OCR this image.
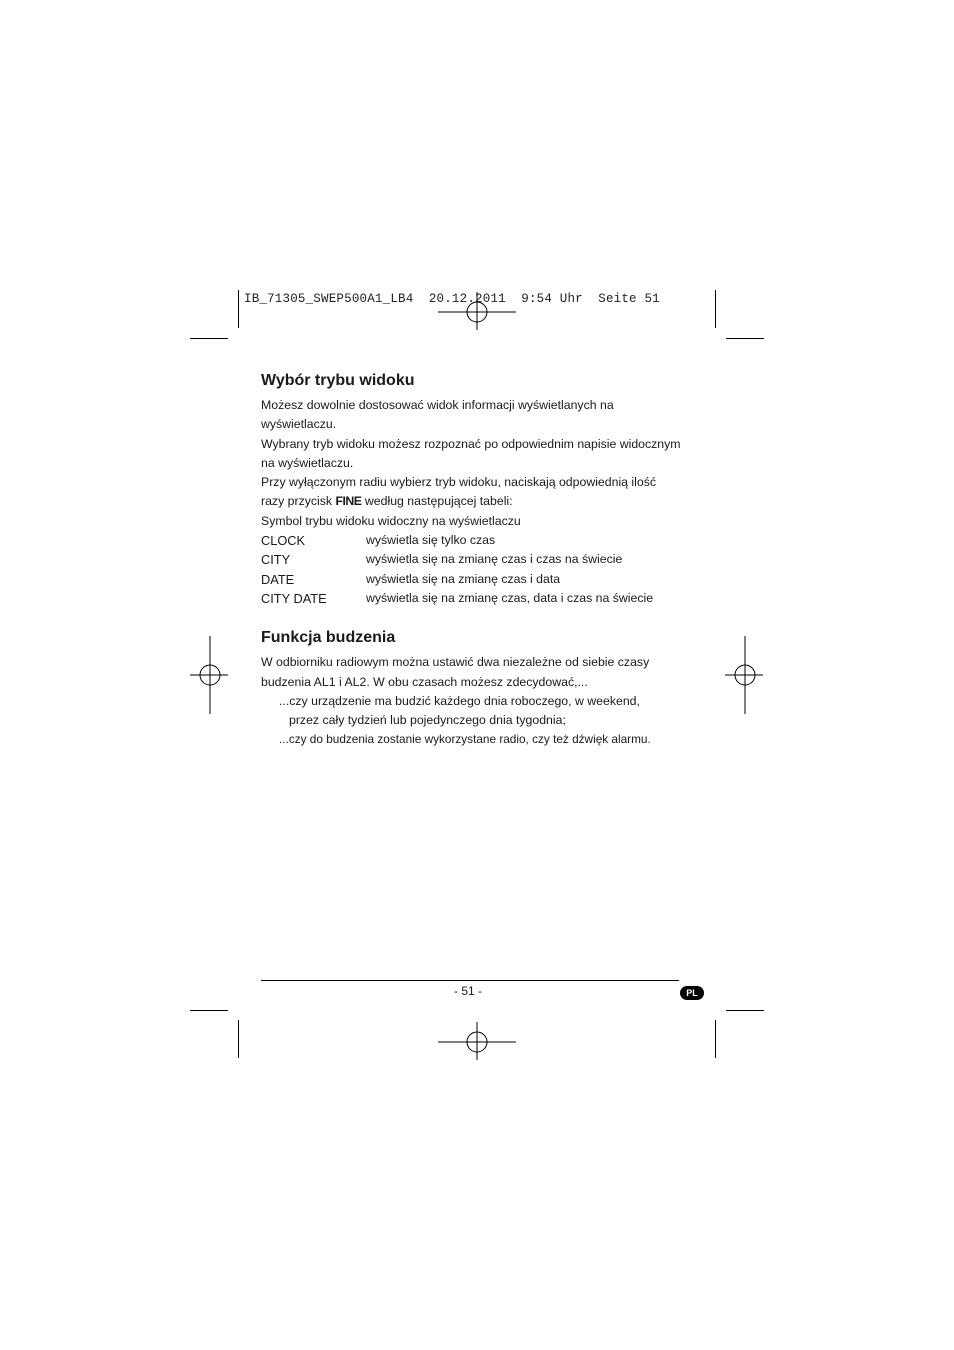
IB_71305_SWEP500A1_LB4  20.12.2011  9:54 Uhr  Seite 51
Wybór trybu widoku

Możesz dowolnie dostosować widok informacji wyświetlanych na wyświetlaczu.

Wybrany tryb widoku możesz rozpoznać po odpowiednim napisie widocznym na wyświetlaczu.

Przy wyłączonym radiu wybierz tryb widoku, naciskają odpowiednią ilość razy przycisk FINE według następującej tabeli:

Symbol trybu widoku widoczny na wyświetlaczu

CLOCK	wyświetla się tylko czas
CITY	wyświetla się na zmianę czas i czas na świecie
DATE	wyświetla się na zmianę czas i data
CITY DATE	wyświetla się na zmianę czas, data i czas na świecie
Funkcja budzenia

W odbiorniku radiowym można ustawić dwa niezależne od siebie czasy budzenia AL1 i AL2. W obu czasach możesz zdecydować,...

...czy urządzenie ma budzić każdego dnia roboczego, w weekend,

przez cały tydzień lub pojedynczego dnia tygodnia;

...czy do budzenia zostanie wykorzystane radio, czy też dźwięk alarmu.

- 51 -	PL
